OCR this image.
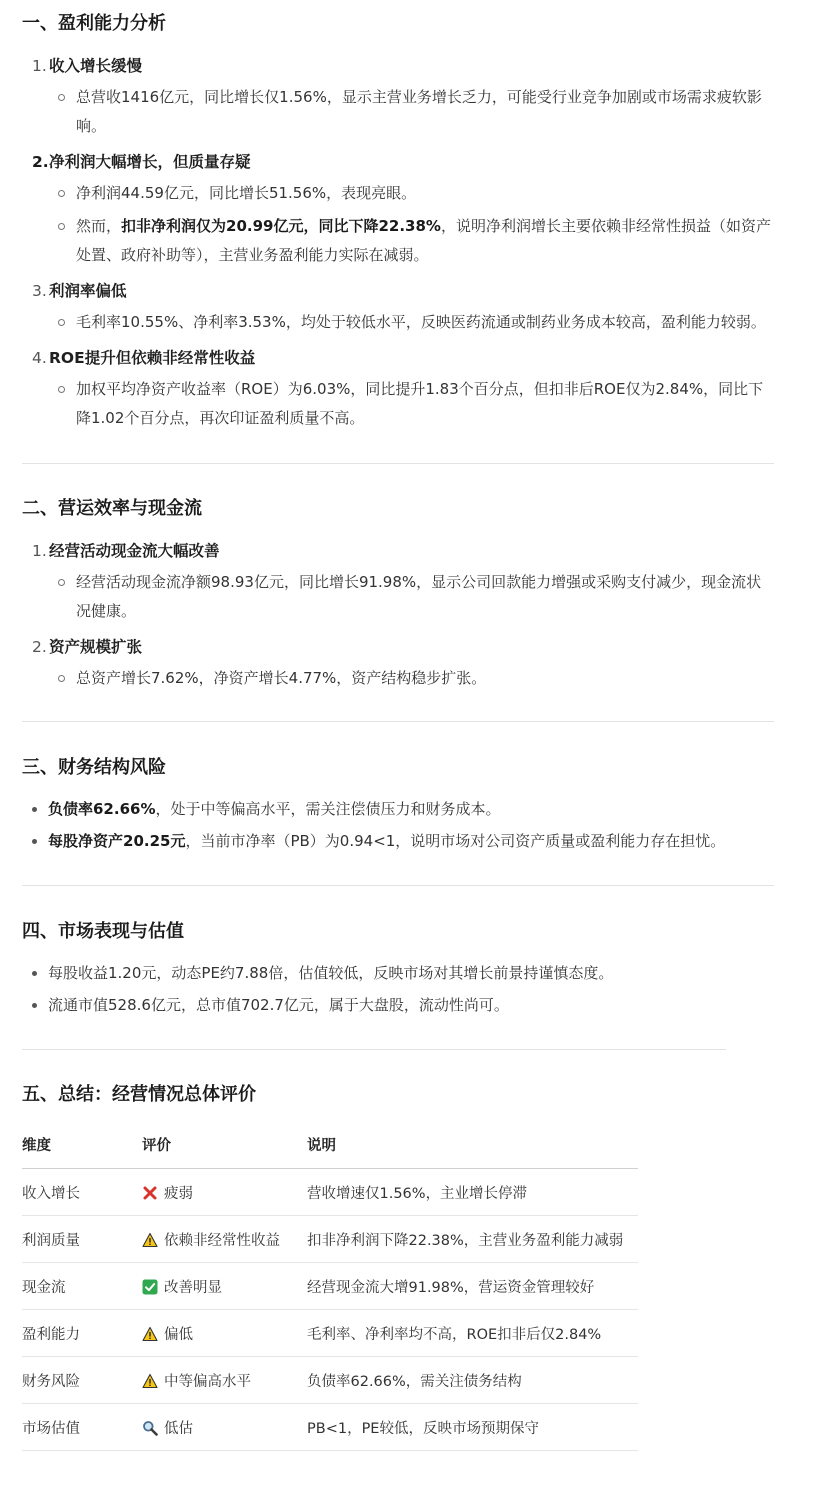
一、盈利能力分析
1. 收入增长缓慢
总营收1416亿元，同比增长仅1.56%，显示主营业务增长乏力，可能受行业竞争加剧或市场需求疲软影响。
2.净利润大幅增长，但质量存疑
净利润44.59亿元，同比增长51.56%，表现亮眼。
然而，扣非净利润仅为20.99亿元，同比下降22.38%，说明净利润增长主要依赖非经常性损益（如资产处置、政府补助等），主营业务盈利能力实际在减弱。
3. 利润率偏低
毛利率10.55%、净利率3.53%，均处于较低水平，反映医药流通或制药业务成本较高，盈利能力较弱。
4. ROE提升但依赖非经常性收益
加权平均净资产收益率（ROE）为6.03%，同比提升1.83个百分点，但扣非后ROE仅为2.84%，同比下降1.02个百分点，再次印证盈利质量不高。
二、营运效率与现金流
1. 经营活动现金流大幅改善
经营活动现金流净额98.93亿元，同比增长91.98%，显示公司回款能力增强或采购支付减少，现金流状况健康。
2. 资产规模扩张
总资产增长7.62%，净资产增长4.77%，资产结构稳步扩张。
三、财务结构风险
负债率62.66%，处于中等偏高水平，需关注偿债压力和财务成本。
每股净资产20.25元，当前市净率（PB）为0.94<1，说明市场对公司资产质量或盈利能力存在担忧。
四、市场表现与估值
每股收益1.20元，动态PE约7.88倍，估值较低，反映市场对其增长前景持谨慎态度。
流通市值528.6亿元，总市值702.7亿元，属于大盘股，流动性尚可。
五、总结：经营情况总体评价
维度	评价	说明
收入增长	疲弱	营收增速仅1.56%，主业增长停滞
利润质量	依赖非经常性收益	扣非净利润下降22.38%，主营业务盈利能力减弱
现金流	改善明显	经营现金流大增91.98%，营运资金管理较好
盈利能力	偏低	毛利率、净利率均不高，ROE扣非后仅2.84%
财务风险	中等偏高水平	负债率62.66%，需关注债务结构
市场估值	低估	PB<1，PE较低，反映市场预期保守
